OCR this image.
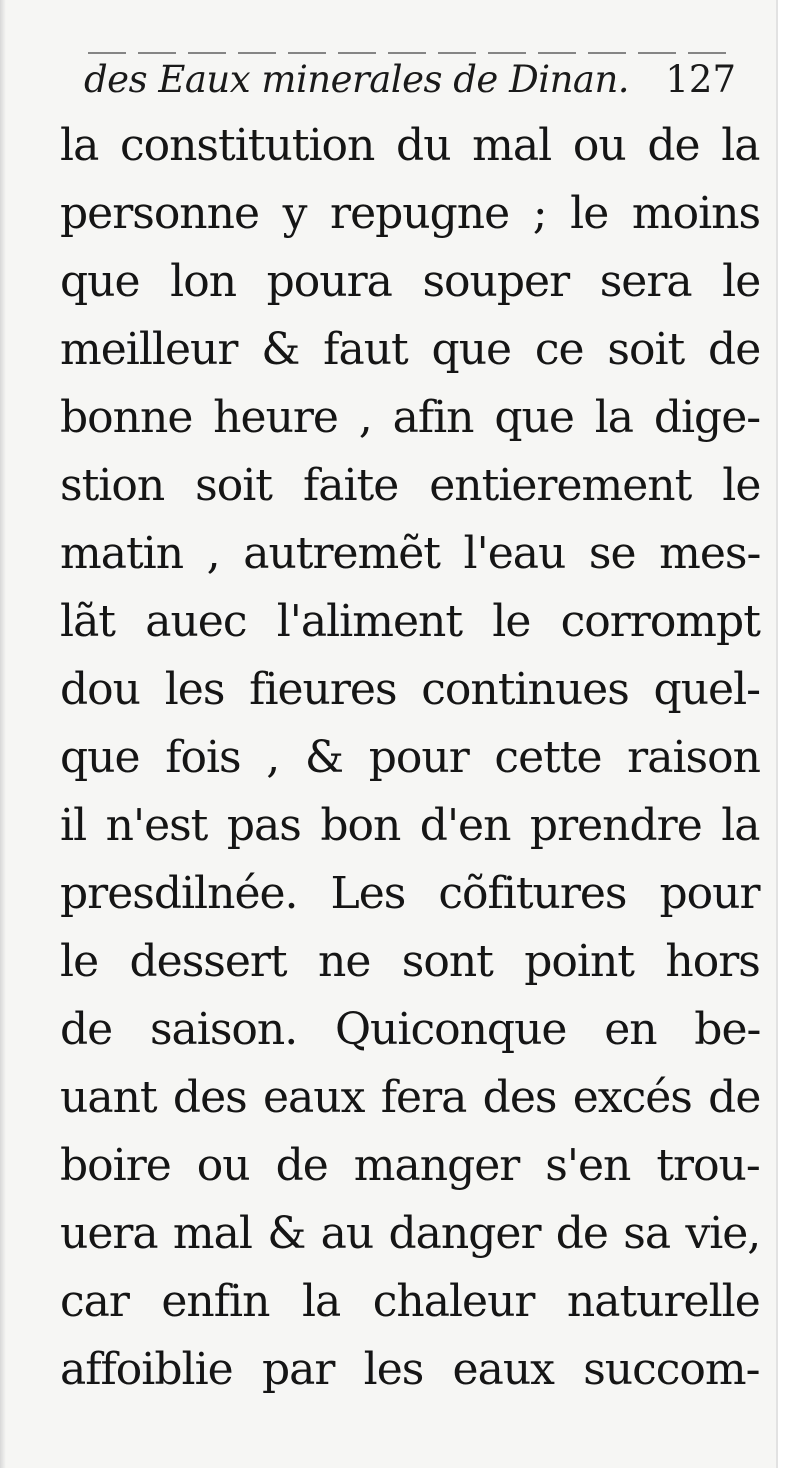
des Eaux minerales de Dinan. 127
la constitution du mal ou de la
personne y repugne ; le moins
que lon poura souper sera le
meilleur & faut que ce soit de
bonne heure , afin que la dige-
stion soit faite entierement le
matin , autremẽt l'eau se mes-
lãt auec l'aliment le corrompt
dou les fieures continues quel-
que fois , & pour cette raison
il n'est pas bon d'en prendre la
presdilnée. Les cõfitures pour
le dessert ne sont point hors
de saison. Quiconque en be-
uant des eaux fera des excés de
boire ou de manger s'en trou-
uera mal & au danger de sa vie,
car enfin la chaleur naturelle
affoiblie par les eaux succom-
